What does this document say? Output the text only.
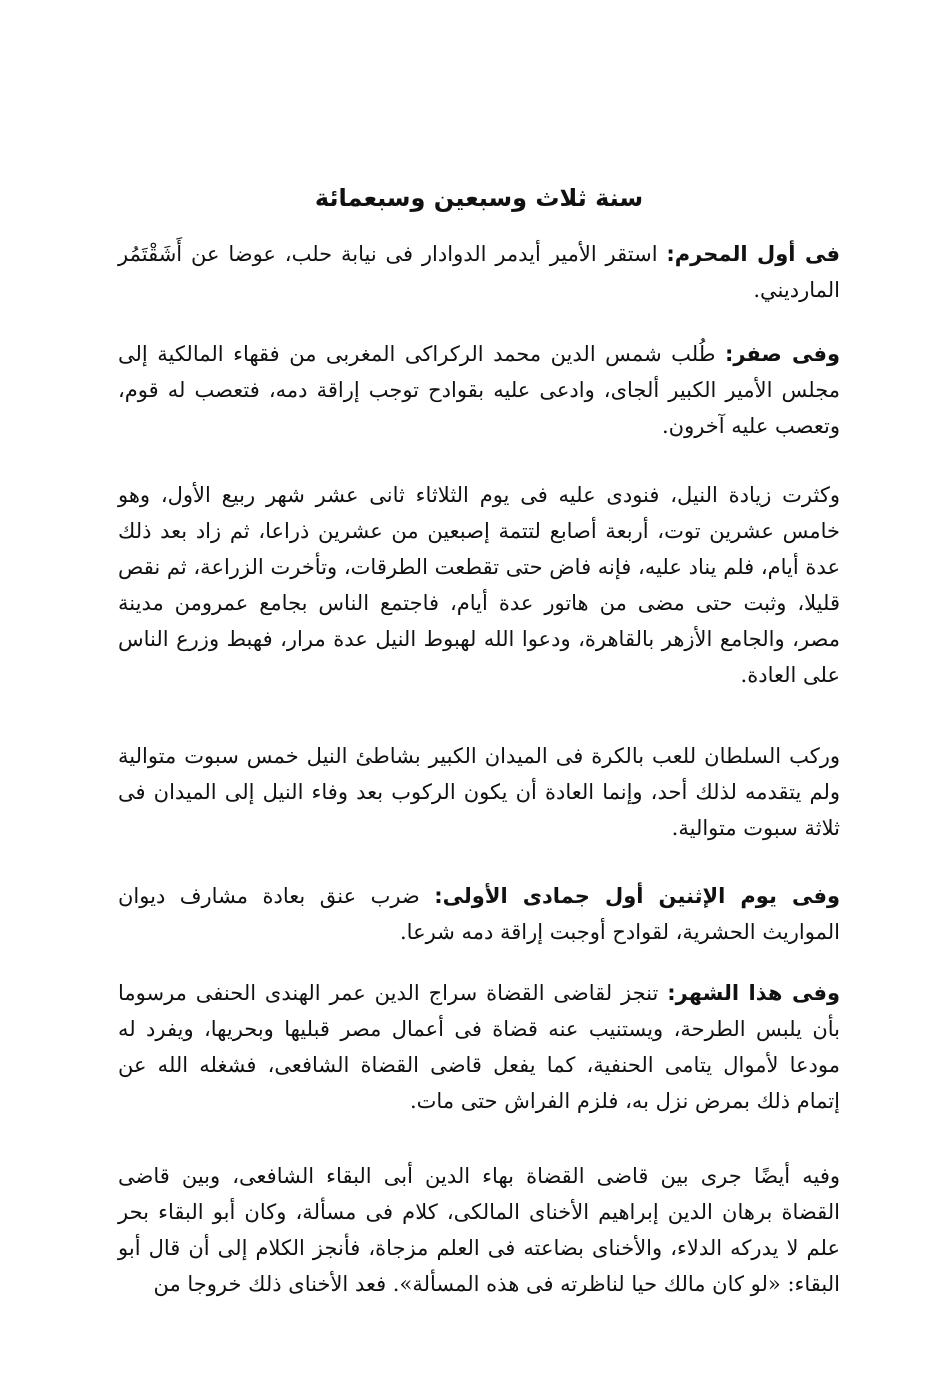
سنة ثلاث وسبعين وسبعمائة

فى أول المحرم: استقر الأمير أيدمر الدوادار فى نيابة حلب، عوضا عن أَشَقْتَمُر المارديني.

وفى صفر: طُلب شمس الدين محمد الركراكى المغربى من فقهاء المالكية إلى مجلس الأمير الكبير ألجاى، وادعى عليه بقوادح توجب إراقة دمه، فتعصب له قوم، وتعصب عليه آخرون.

وكثرت زيادة النيل، فنودى عليه فى يوم الثلاثاء ثانى عشر شهر ربيع الأول، وهو خامس عشرين توت، أربعة أصابع لتتمة إصبعين من عشرين ذراعا، ثم زاد بعد ذلك عدة أيام، فلم يناد عليه، فإنه فاض حتى تقطعت الطرقات، وتأخرت الزراعة، ثم نقص قليلا، وثبت حتى مضى من هاتور عدة أيام، فاجتمع الناس بجامع عمرومن مدينة مصر، والجامع الأزهر بالقاهرة، ودعوا الله لهبوط النيل عدة مرار، فهبط وزرع الناس على العادة.

وركب السلطان للعب بالكرة فى الميدان الكبير بشاطئ النيل خمس سبوت متوالية ولم يتقدمه لذلك أحد، وإنما العادة أن يكون الركوب بعد وفاء النيل إلى الميدان فى ثلاثة سبوت متوالية.

وفى يوم الإثنين أول جمادى الأولى: ضرب عنق بعادة مشارف ديوان المواريث الحشرية، لقوادح أوجبت إراقة دمه شرعا.

وفى هذا الشهر: تنجز لقاضى القضاة سراج الدين عمر الهندى الحنفى مرسوما بأن يلبس الطرحة، ويستنيب عنه قضاة فى أعمال مصر قبليها وبحريها، ويفرد له مودعا لأموال يتامى الحنفية، كما يفعل قاضى القضاة الشافعى، فشغله الله عن إتمام ذلك بمرض نزل به، فلزم الفراش حتى مات.

وفيه أيضًا جرى بين قاضى القضاة بهاء الدين أبى البقاء الشافعى، وبين قاضى القضاة برهان الدين إبراهيم الأخناى المالكى، كلام فى مسألة، وكان أبو البقاء بحر علم لا يدركه الدلاء، والأخناى بضاعته فى العلم مزجاة، فأنجز الكلام إلى أن قال أبو البقاء: «لو كان مالك حيا لناظرته فى هذه المسألة». فعد الأخناى ذلك خروجا من
